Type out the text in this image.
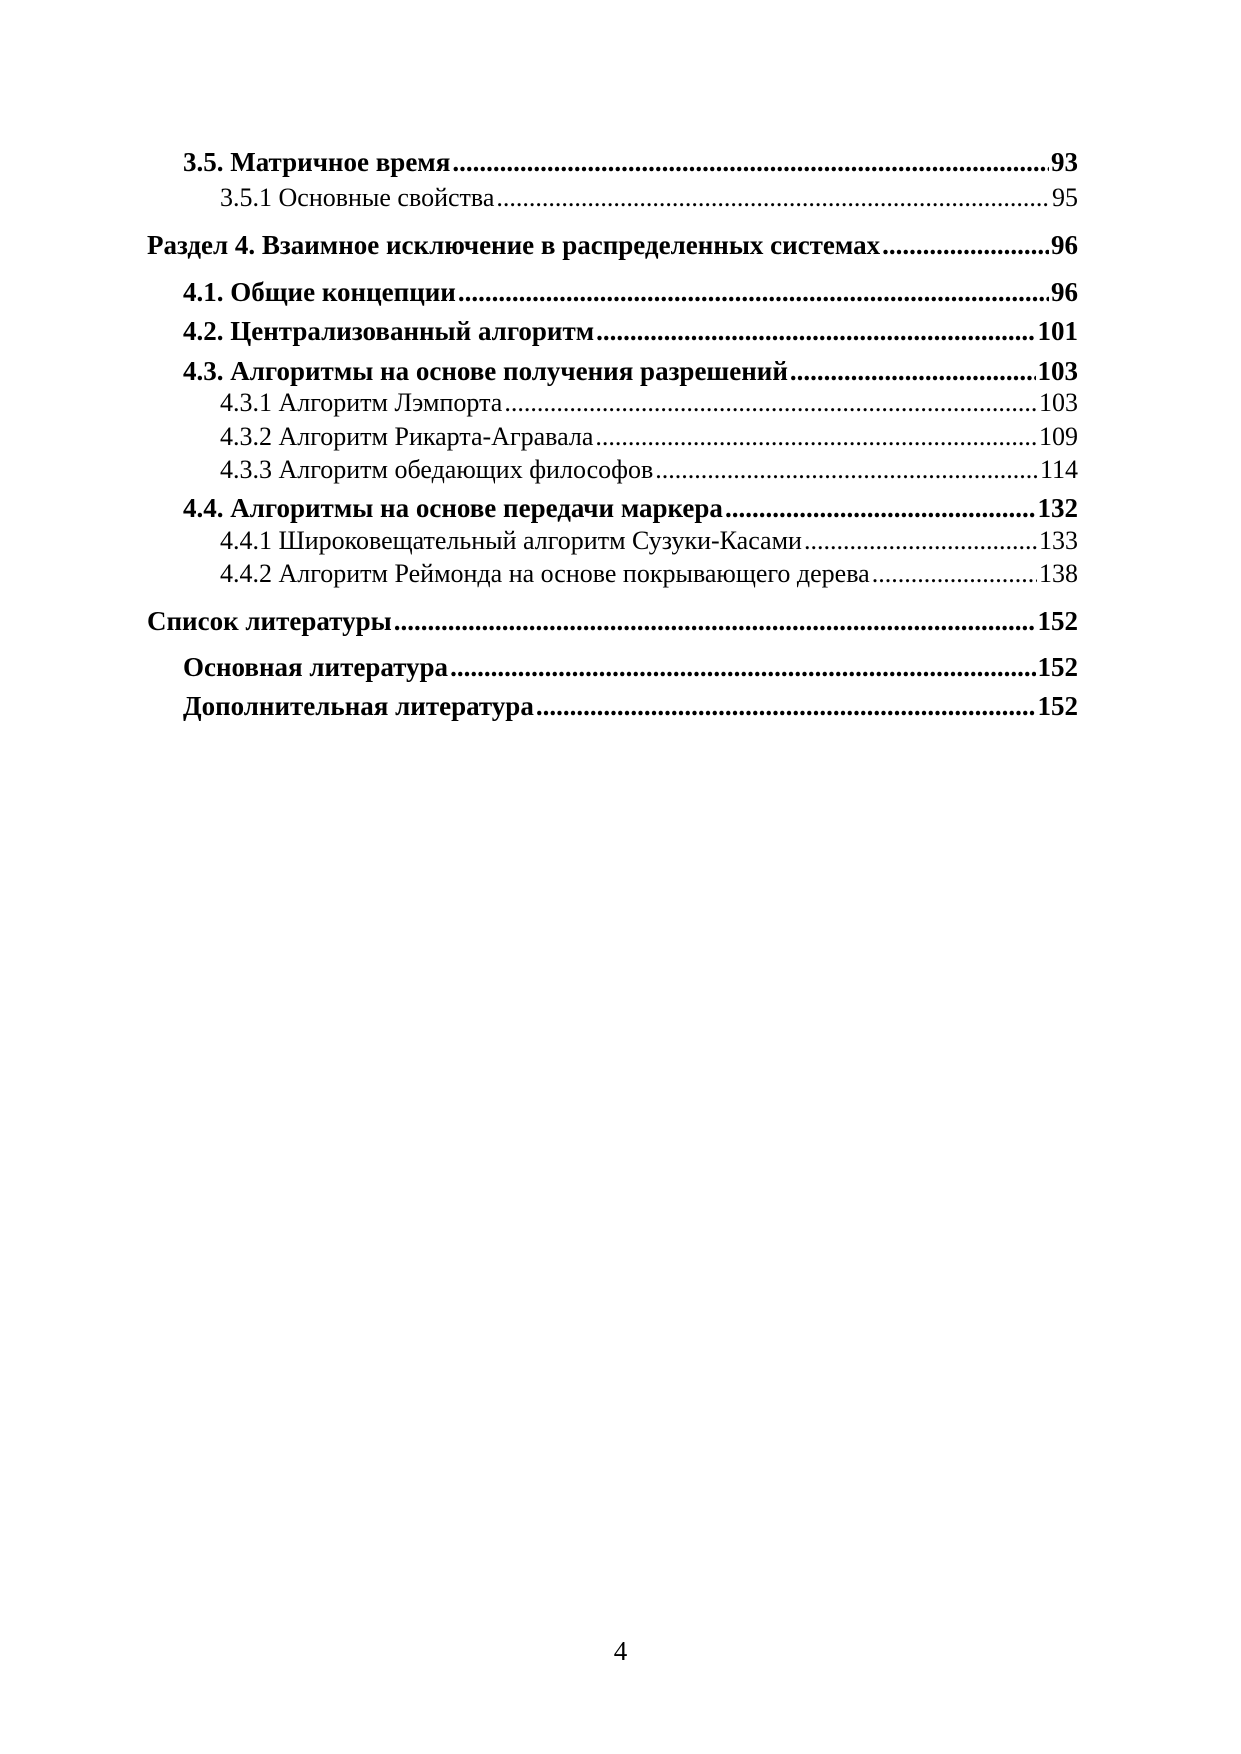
3.5. Матричное время .....	93
3.5.1 Основные свойства .....	95
Раздел 4. Взаимное исключение в распределенных системах .....	96
4.1. Общие концепции .....	96
4.2. Централизованный алгоритм .....	101
4.3. Алгоритмы на основе получения разрешений .....	103
4.3.1 Алгоритм Лэмпорта .....	103
4.3.2 Алгоритм Рикарта-Агравала .....	109
4.3.3 Алгоритм обедающих философов .....	114
4.4. Алгоритмы на основе передачи маркера .....	132
4.4.1 Широковещательный алгоритм Сузуки-Касами .....	133
4.4.2 Алгоритм Реймонда на основе покрывающего дерева .....	138
Список литературы .....	152
Основная литература .....	152
Дополнительная литература .....	152
4
